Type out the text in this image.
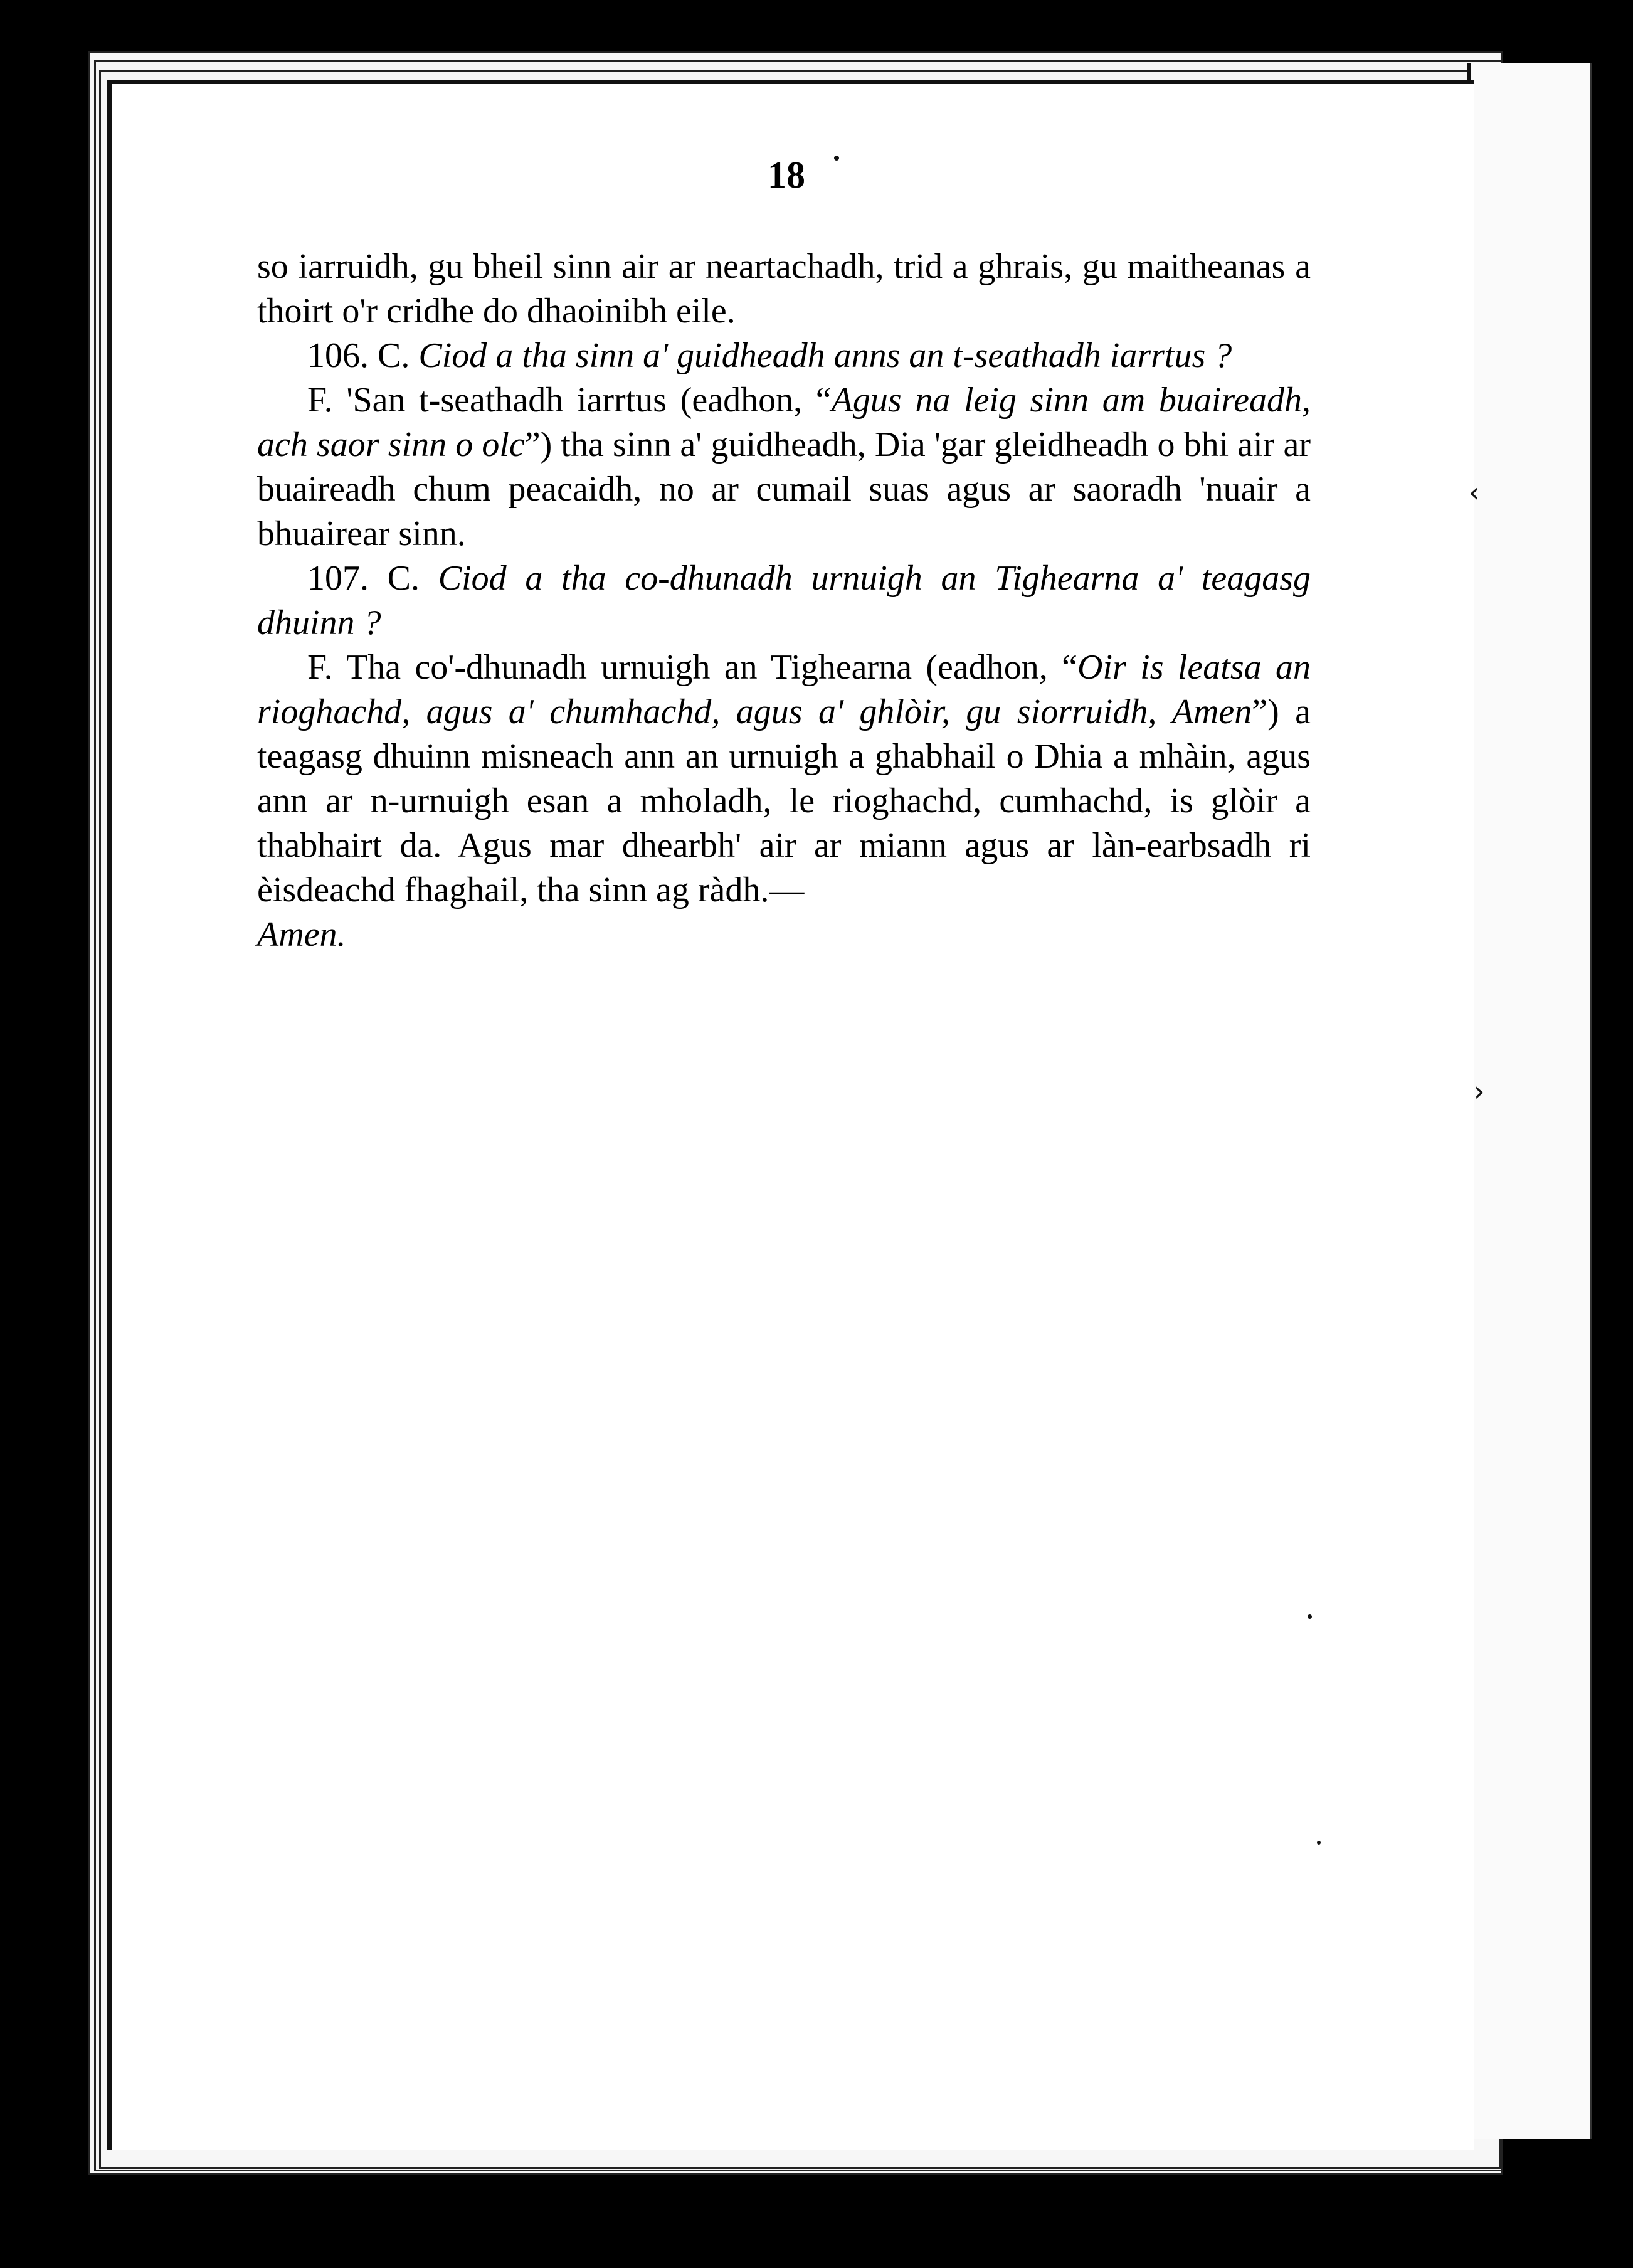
18

so iarruidh, gu bheil sinn air ar neartachadh, trid a ghrais, gu maitheanas a thoirt o'r cridhe do dhaoinibh eile.

106. C. Ciod a tha sinn a' guidheadh anns an t-seathadh iarrtus ?

F. 'San t-seathadh iarrtus (eadhon, “Agus na leig sinn am buaireadh, ach saor sinn o olc”) tha sinn a' guidheadh, Dia 'gar gleidheadh o bhi air ar buaireadh chum peacaidh, no ar cumail suas agus ar saoradh 'nuair a bhuairear sinn.

107. C. Ciod a tha co-dhunadh urnuigh an Tighearna a' teagasg dhuinn ?

F. Tha co'-dhunadh urnuigh an Tighearna (eadhon, “Oir is leatsa an rioghachd, agus a' chumhachd, agus a' ghlòir, gu siorruidh, Amen”) a teagasg dhuinn misneach ann an urnuigh a ghabhail o Dhia a mhàin, agus ann ar n-urnuigh esan a mholadh, le rioghachd, cumhachd, is glòir a thabhairt da. Agus mar dhearbh' air ar miann agus ar làn-earbsadh ri èisdeachd fhaghail, tha sinn ag ràdh.—

Amen.

‹
›
